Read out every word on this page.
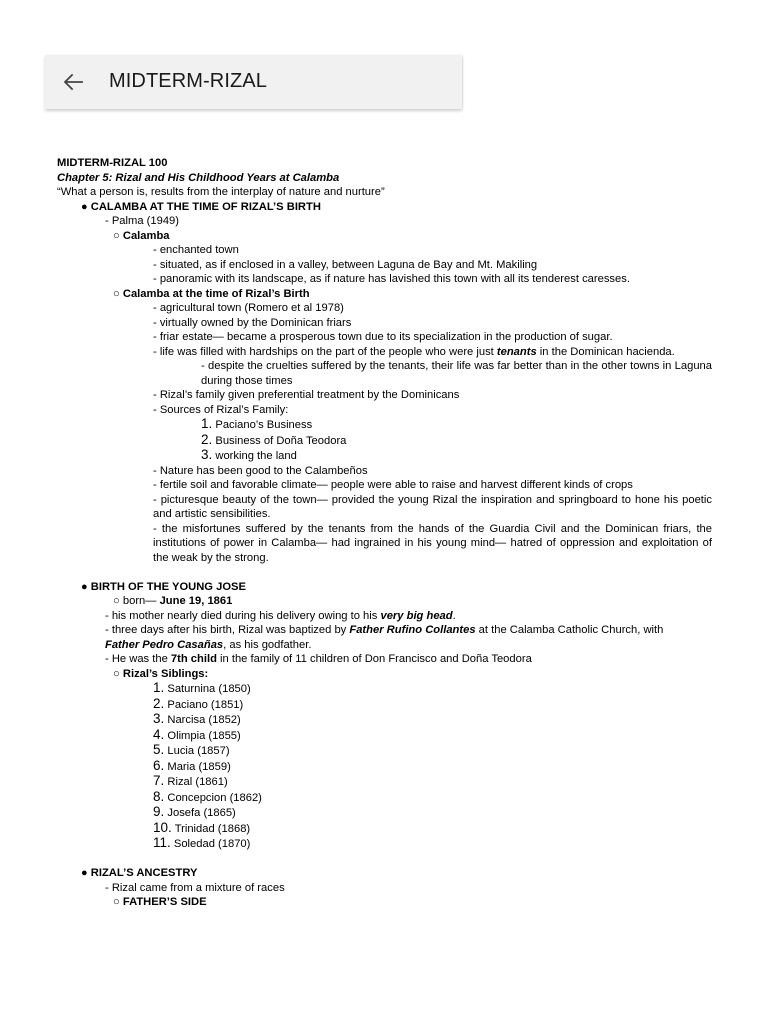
MIDTERM-RIZAL
MIDTERM-RIZAL 100
Chapter 5: Rizal and His Childhood Years at Calamba
“What a person is, results from the interplay of nature and nurture”
● CALAMBA AT THE TIME OF RIZAL’S BIRTH
- Palma (1949)
○ Calamba
- enchanted town
- situated, as if enclosed in a valley, between Laguna de Bay and Mt. Makiling
- panoramic with its landscape, as if nature has lavished this town with all its tenderest caresses.
○ Calamba at the time of Rizal’s Birth
- agricultural town (Romero et al 1978)
- virtually owned by the Dominican friars
- friar estate— became a prosperous town due to its specialization in the production of sugar.
- life was filled with hardships on the part of the people who were just tenants in the Dominican hacienda.
- despite the cruelties suffered by the tenants, their life was far better than in the other towns in Laguna during those times
- Rizal’s family given preferential treatment by the Dominicans
- Sources of Rizal’s Family:
1. Paciano’s Business
2. Business of Doña Teodora
3. working the land
- Nature has been good to the Calambeños
- fertile soil and favorable climate— people were able to raise and harvest different kinds of crops
- picturesque beauty of the town— provided the young Rizal the inspiration and springboard to hone his poetic and artistic sensibilities.
- the misfortunes suffered by the tenants from the hands of the Guardia Civil and the Dominican friars, the institutions of power in Calamba— had ingrained in his young mind— hatred of oppression and exploitation of the weak by the strong.
● BIRTH OF THE YOUNG JOSE
○ born— June 19, 1861
- his mother nearly died during his delivery owing to his very big head.
- three days after his birth, Rizal was baptized by Father Rufino Collantes at the Calamba Catholic Church, with
Father Pedro Casañas, as his godfather.
- He was the 7th child in the family of 11 children of Don Francisco and Doña Teodora
○ Rizal’s Siblings:
1. Saturnina (1850)
2. Paciano (1851)
3. Narcisa (1852)
4. Olimpia (1855)
5. Lucia (1857)
6. Maria (1859)
7. Rizal (1861)
8. Concepcion (1862)
9. Josefa (1865)
10. Trinidad (1868)
11. Soledad (1870)
● RIZAL’S ANCESTRY
- Rizal came from a mixture of races
○ FATHER’S SIDE
